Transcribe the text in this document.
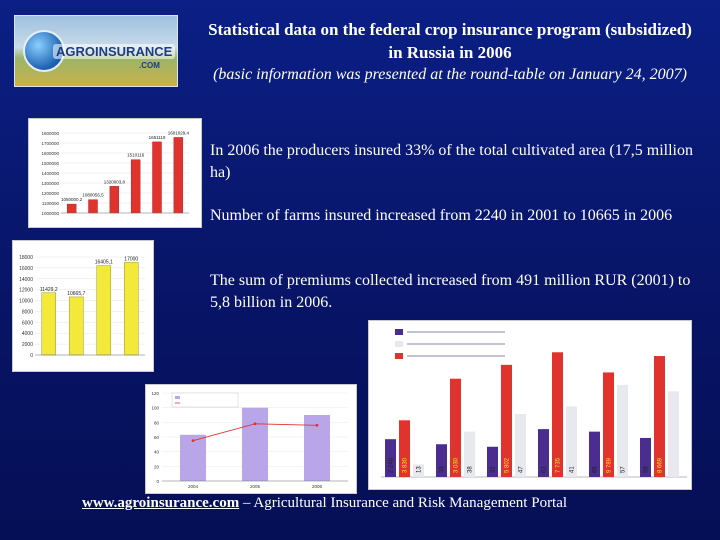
AGROINSURANCE
.COM
Statistical data on the federal crop insurance program (subsidized) in Russia in 2006
(basic information was presented at the round-table on January 24, 2007)
In 2006 the producers insured 33% of the total cultivated area (17,5 million ha)
Number of farms insured increased from 2240 in 2001 to 10665 in 2006
The sum of premiums collected increased from 491 million RUR (2001) to 5,8 billion in 2006.
1000000
1100000
1200000
1300000
1400000
1500000
1600000
1700000
1800000
1050000,2
1080056,5
1320003,8
1510116
1651119
1601029,4
0
2000
4000
6000
8000
10000
12000
14000
16000
18000
11429,2
10665,7
16405,1
17000
2 240 3 830 13	38 3 030 38	32 5 802 47	62 7 735 41	66 9 789 57	58 8 669
0
20
40
60
80
100
120
2004	2005	2006
www.agroinsurance.com – Agricultural Insurance and Risk Management Portal
